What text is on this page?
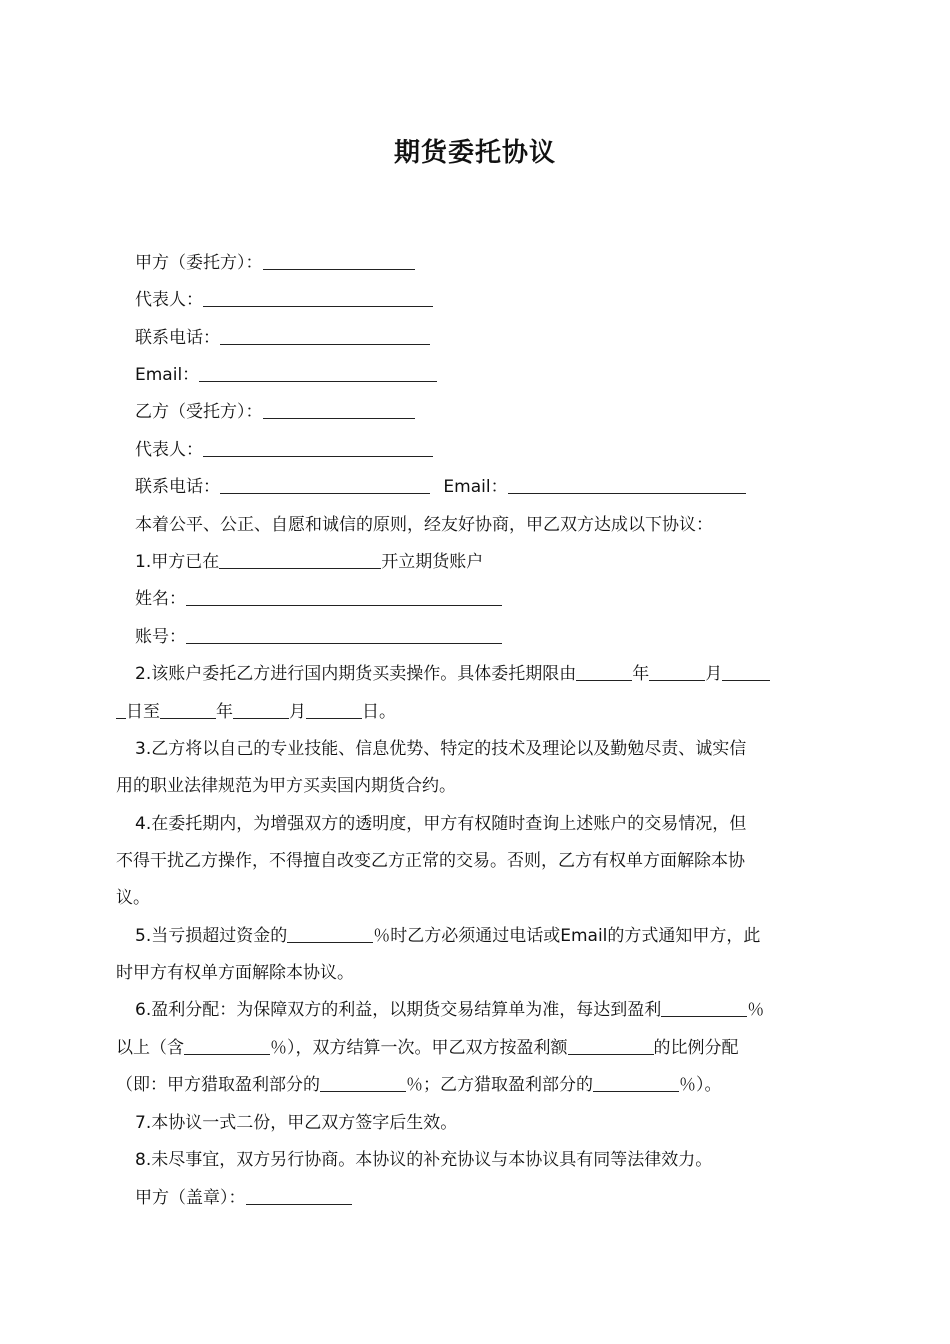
期货委托协议
甲方（委托方）：
代表人：
联系电话：
Email：
乙方（受托方）：
代表人：
联系电话：	Email：
本着公平、公正、自愿和诚信的原则，经友好协商，甲乙双方达成以下协议：
1.甲方已在	开立期货账户
姓名：
账号：
2.该账户委托乙方进行国内期货买卖操作。具体委托期限由	年	月
日至	年	月	日。
3.乙方将以自己的专业技能、信息优势、特定的技术及理论以及勤勉尽责、诚实信
用的职业法律规范为甲方买卖国内期货合约。
4.在委托期内，为增强双方的透明度，甲方有权随时查询上述账户的交易情况，但
不得干扰乙方操作，不得擅自改变乙方正常的交易。否则，乙方有权单方面解除本协
议。
5.当亏损超过资金的	％时乙方必须通过电话或Email的方式通知甲方，此
时甲方有权单方面解除本协议。
6.盈利分配：为保障双方的利益，以期货交易结算单为准，每达到盈利	％
以上（含	％），双方结算一次。甲乙双方按盈利额	的比例分配
（即：甲方猎取盈利部分的	％；乙方猎取盈利部分的	％）。
7.本协议一式二份，甲乙双方签字后生效。
8.未尽事宜，双方另行协商。本协议的补充协议与本协议具有同等法律效力。
甲方（盖章）：
